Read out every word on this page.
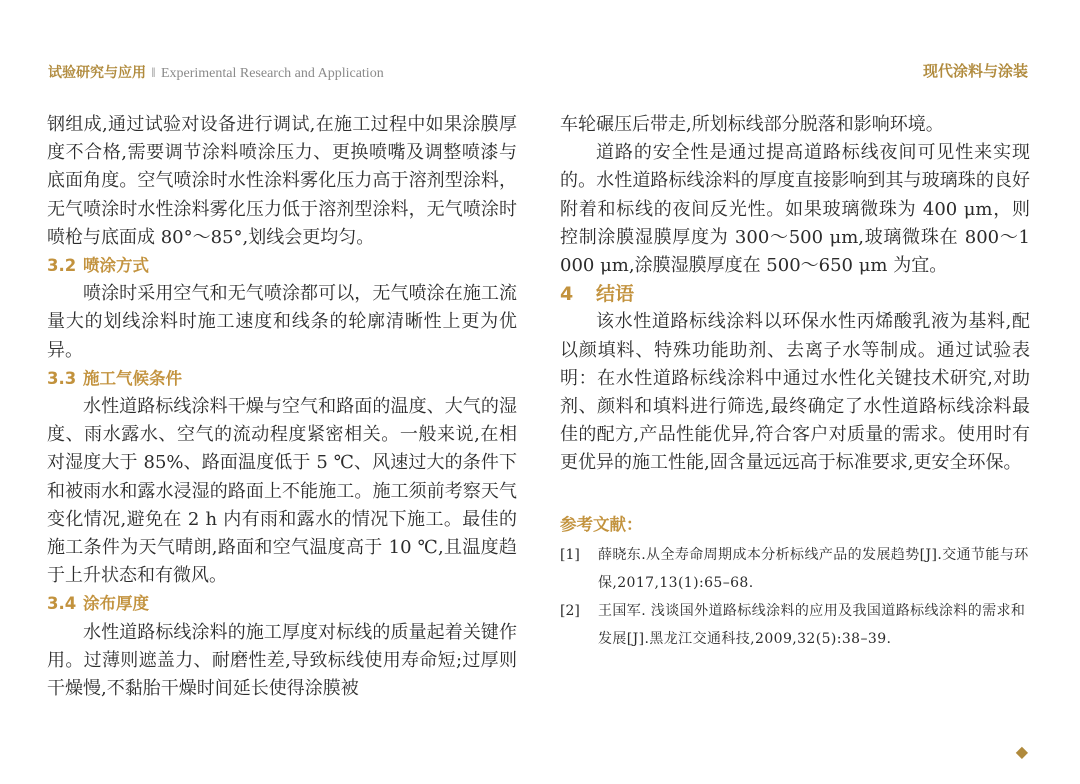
试验研究与应用 ‖ Experimental Research and Application	现代涂料与涂装

钢组成,通过试验对设备进行调试,在施工过程中如果涂膜厚度不合格,需要调节涂料喷涂压力、更换喷嘴及调整喷漆与底面角度。空气喷涂时水性涂料雾化压力高于溶剂型涂料，无气喷涂时水性涂料雾化压力低于溶剂型涂料，无气喷涂时喷枪与底面成 80°～85°,划线会更均匀。

3.2 喷涂方式

喷涂时采用空气和无气喷涂都可以，无气喷涂在施工流量大的划线涂料时施工速度和线条的轮廓清晰性上更为优异。

3.3 施工气候条件

水性道路标线涂料干燥与空气和路面的温度、大气的湿度、雨水露水、空气的流动程度紧密相关。一般来说,在相对湿度大于 85%、路面温度低于 5 ℃、风速过大的条件下和被雨水和露水浸湿的路面上不能施工。施工须前考察天气变化情况,避免在 2 h 内有雨和露水的情况下施工。最佳的施工条件为天气晴朗,路面和空气温度高于 10 ℃,且温度趋于上升状态和有微风。

3.4 涂布厚度

水性道路标线涂料的施工厚度对标线的质量起着关键作用。过薄则遮盖力、耐磨性差,导致标线使用寿命短;过厚则干燥慢,不黏胎干燥时间延长使得涂膜被

车轮碾压后带走,所划标线部分脱落和影响环境。

道路的安全性是通过提高道路标线夜间可见性来实现的。水性道路标线涂料的厚度直接影响到其与玻璃珠的良好附着和标线的夜间反光性。如果玻璃微珠为 400 μm，则控制涂膜湿膜厚度为 300～500 μm,玻璃微珠在 800～1 000 μm,涂膜湿膜厚度在 500～650 μm 为宜。

4 结语

该水性道路标线涂料以环保水性丙烯酸乳液为基料,配以颜填料、特殊功能助剂、去离子水等制成。通过试验表明：在水性道路标线涂料中通过水性化关键技术研究,对助剂、颜料和填料进行筛选,最终确定了水性道路标线涂料最佳的配方,产品性能优异,符合客户对质量的需求。使用时有更优异的施工性能,固含量远远高于标准要求,更安全环保。

参考文献：

[1]	薛晓东.从全寿命周期成本分析标线产品的发展趋势[J].交通节能与环保,2017,13(1):65–68.
[2]	王国军. 浅谈国外道路标线涂料的应用及我国道路标线涂料的需求和发展[J].黑龙江交通科技,2009,32(5):38–39.
◆
